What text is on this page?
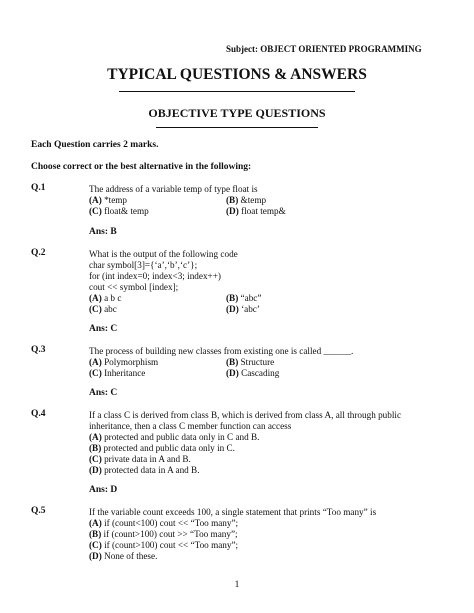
Subject: OBJECT ORIENTED PROGRAMMING
TYPICAL QUESTIONS & ANSWERS
OBJECTIVE TYPE QUESTIONS
Each Question carries 2 marks.
Choose correct or the best alternative in the following:
Q.1	The address of a variable temp of type float is
(A) *temp	(B) &temp
(C) float& temp	(D) float temp&
Ans: B
Q.2	What is the output of the following code
char symbol[3]={‘a’,‘b’,‘c’};
for (int index=0; index<3; index++)
cout << symbol [index];
(A) a b c	(B) “abc”
(C) abc	(D) ‘abc’
Ans: C
Q.3	The process of building new classes from existing one is called ______.
(A) Polymorphism	(B) Structure
(C) Inheritance	(D) Cascading
Ans: C
Q.4	If a class C is derived from class B, which is derived from class A, all through public
inheritance, then a class C member function can access
(A) protected and public data only in C and B.
(B) protected and public data only in C.
(C) private data in A and B.
(D) protected data in A and B.
Ans: D
Q.5	If the variable count exceeds 100, a single statement that prints “Too many” is
(A) if (count<100) cout << “Too many”;
(B) if (count>100) cout >> “Too many”;
(C) if (count>100) cout << “Too many”;
(D) None of these.
1
